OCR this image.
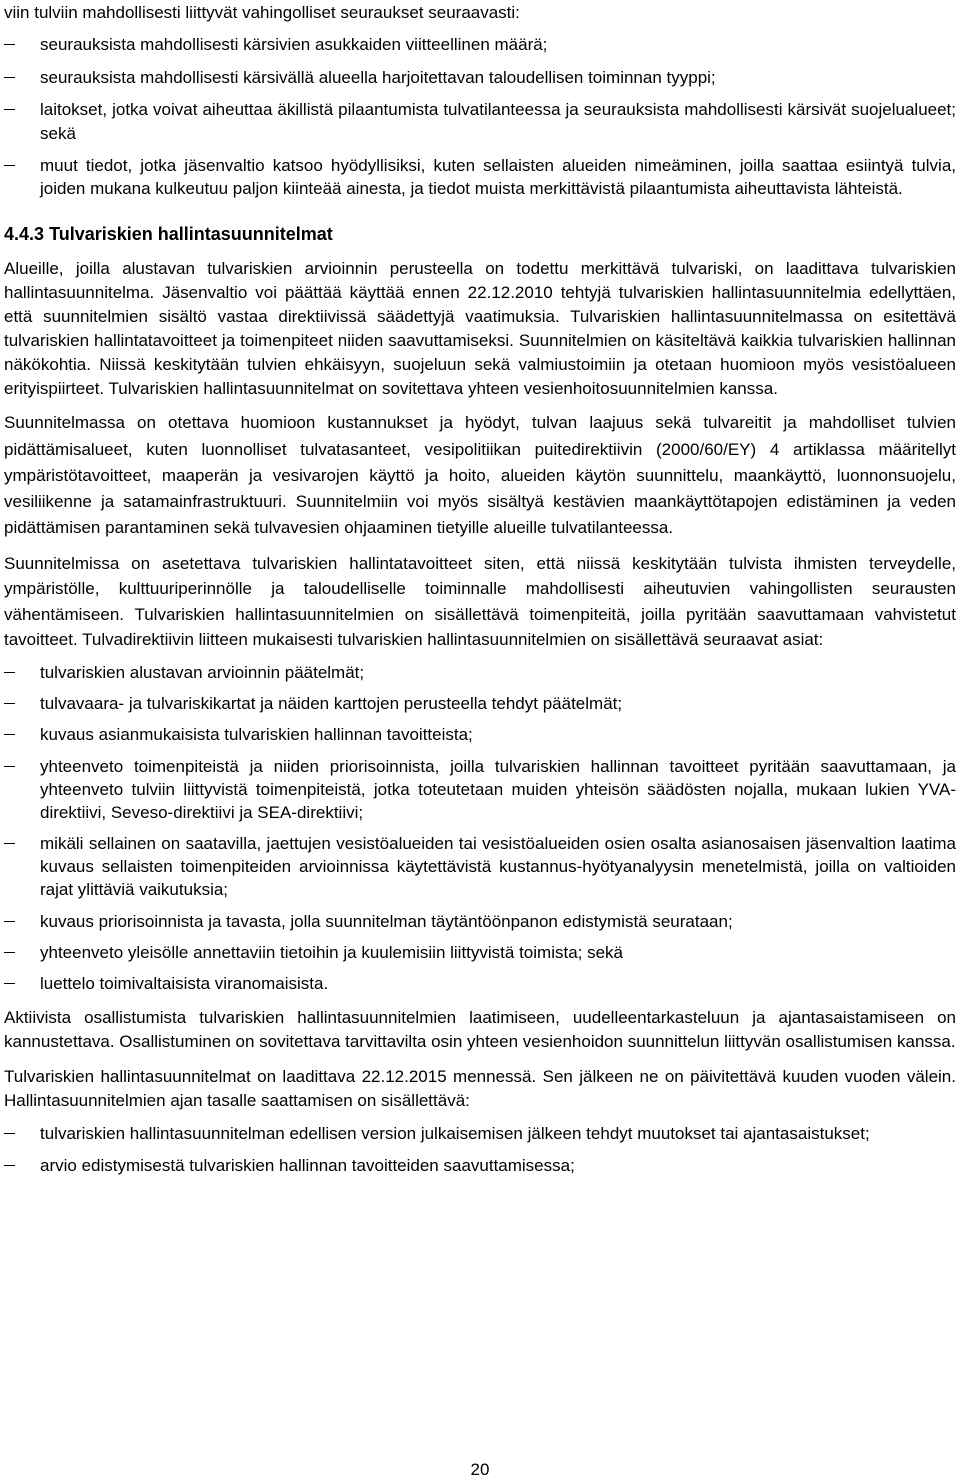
viin tulviin mahdollisesti liittyvät vahingolliset seuraukset seuraavasti:

seurauksista mahdollisesti kärsivien asukkaiden viitteellinen määrä;
seurauksista mahdollisesti kärsivällä alueella harjoitettavan taloudellisen toiminnan tyyppi;
laitokset, jotka voivat aiheuttaa äkillistä pilaantumista tulvatilanteessa ja seurauksista mahdollisesti kärsivät suojelualueet; sekä
muut tiedot, jotka jäsenvaltio katsoo hyödyllisiksi, kuten sellaisten alueiden nimeäminen, joilla saattaa esiintyä tulvia, joiden mukana kulkeutuu paljon kiinteää ainesta, ja tiedot muista merkittävistä pilaantumista aiheuttavista lähteistä.
4.4.3 Tulvariskien hallintasuunnitelmat

Alueille, joilla alustavan tulvariskien arvioinnin perusteella on todettu merkittävä tulvariski, on laadittava tulvariskien hallintasuunnitelma. Jäsenvaltio voi päättää käyttää ennen 22.12.2010 tehtyjä tulvariskien hallintasuunnitelmia edellyttäen, että suunnitelmien sisältö vastaa direktiivissä säädettyjä vaatimuksia. Tulvariskien hallintasuunnitelmassa on esitettävä tulvariskien hallintatavoitteet ja toimenpiteet niiden saavuttamiseksi. Suunnitelmien on käsiteltävä kaikkia tulvariskien hallinnan näkökohtia. Niissä keskitytään tulvien ehkäisyyn, suojeluun sekä valmiustoimiin ja otetaan huomioon myös vesistöalueen erityispiirteet. Tulvariskien hallintasuunnitelmat on sovitettava yhteen vesienhoitosuunnitelmien kanssa.

Suunnitelmassa on otettava huomioon kustannukset ja hyödyt, tulvan laajuus sekä tulvareitit ja mahdolliset tulvien pidättämisalueet, kuten luonnolliset tulvatasanteet, vesipolitiikan puitedirektiivin (2000/60/EY) 4 artiklassa määritellyt ympäristötavoitteet, maaperän ja vesivarojen käyttö ja hoito, alueiden käytön suunnittelu, maankäyttö, luonnonsuojelu, vesiliikenne ja satamainfrastruktuuri. Suunnitelmiin voi myös sisältyä kestävien maankäyttötapojen edistäminen ja veden pidättämisen parantaminen sekä tulvavesien ohjaaminen tietyille alueille tulvatilanteessa.

Suunnitelmissa on asetettava tulvariskien hallintatavoitteet siten, että niissä keskitytään tulvista ihmisten terveydelle, ympäristölle, kulttuuriperinnölle ja taloudelliselle toiminnalle mahdollisesti aiheutuvien vahingollisten seurausten vähentämiseen. Tulvariskien hallintasuunnitelmien on sisällettävä toimenpiteitä, joilla pyritään saavuttamaan vahvistetut tavoitteet. Tulvadirektiivin liitteen mukaisesti tulvariskien hallintasuunnitelmien on sisällettävä seuraavat asiat:

tulvariskien alustavan arvioinnin päätelmät;
tulvavaara- ja tulvariskikartat ja näiden karttojen perusteella tehdyt päätelmät;
kuvaus asianmukaisista tulvariskien hallinnan tavoitteista;
yhteenveto toimenpiteistä ja niiden priorisoinnista, joilla tulvariskien hallinnan tavoitteet pyritään saavuttamaan, ja yhteenveto tulviin liittyvistä toimenpiteistä, jotka toteutetaan muiden yhteisön säädösten nojalla, mukaan lukien YVA-direktiivi, Seveso-direktiivi ja SEA-direktiivi;
mikäli sellainen on saatavilla, jaettujen vesistöalueiden tai vesistöalueiden osien osalta asianosaisen jäsenvaltion laatima kuvaus sellaisten toimenpiteiden arvioinnissa käytettävistä kustannus-hyötyanalyysin menetelmistä, joilla on valtioiden rajat ylittäviä vaikutuksia;
kuvaus priorisoinnista ja tavasta, jolla suunnitelman täytäntöönpanon edistymistä seurataan;
yhteenveto yleisölle annettaviin tietoihin ja kuulemisiin liittyvistä toimista; sekä
luettelo toimivaltaisista viranomaisista.

Aktiivista osallistumista tulvariskien hallintasuunnitelmien laatimiseen, uudelleentarkasteluun ja ajantasaistamiseen on kannustettava. Osallistuminen on sovitettava tarvittavilta osin yhteen vesienhoidon suunnittelun liittyvän osallistumisen kanssa.

Tulvariskien hallintasuunnitelmat on laadittava 22.12.2015 mennessä. Sen jälkeen ne on päivitettävä kuuden vuoden välein. Hallintasuunnitelmien ajan tasalle saattamisen on sisällettävä:

tulvariskien hallintasuunnitelman edellisen version julkaisemisen jälkeen tehdyt muutokset tai ajantasaistukset;
arvio edistymisestä tulvariskien hallinnan tavoitteiden saavuttamisessa;
20
